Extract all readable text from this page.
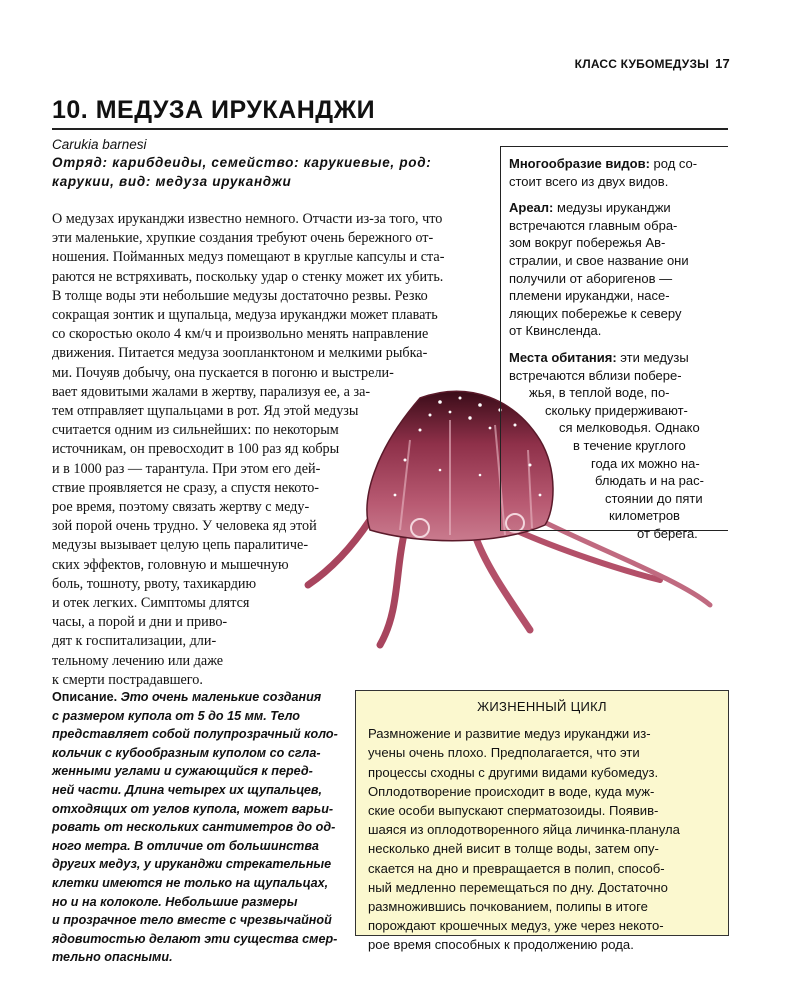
КЛАСС КУБОМЕДУЗЫ 17
10. МЕДУЗА ИРУКАНДЖИ
Carukia barnesi
Отряд: карибдеиды, семейство: карукиевые, род: карукии, вид: медуза ируканджи
О медузах ируканджи известно немного. Отчасти из-за того, что
эти маленькие, хрупкие создания требуют очень бережного от-
ношения. Пойманных медуз помещают в круглые капсулы и ста-
раются не встряхивать, поскольку удар о стенку может их убить.
В толще воды эти небольшие медузы достаточно резвы. Резко
сокращая зонтик и щупальца, медуза ируканджи может плавать
со скоростью около 4 км/ч и произвольно менять направление
движения. Питается медуза зоопланктоном и мелкими рыбка-
ми. Почуяв добычу, она пускается в погоню и выстрели-
вает ядовитыми жалами в жертву, парализуя ее, а за-
тем отправляет щупальцами в рот. Яд этой медузы
считается одним из сильнейших: по некоторым
источникам, он превосходит в 100 раз яд кобры
и в 1000 раз — тарантула. При этом его дей-
ствие проявляется не сразу, а спустя некото-
рое время, поэтому связать жертву с меду-
зой порой очень трудно. У человека яд этой
медузы вызывает целую цепь паралитиче-
ских эффектов, головную и мышечную
боль, тошноту, рвоту, тахикардию
и отек легких. Симптомы длятся
часы, а порой и дни и приво-
дят к госпитализации, дли-
тельному лечению или даже
к смерти пострадавшего.
Многообразие видов: род со-
стоит всего из двух видов.
Ареал: медузы ируканджи
встречаются главным обра-
зом вокруг побережья Ав-
стралии, и свое название они
получили от аборигенов —
племени ируканджи, насе-
ляющих побережье к северу
от Квинсленда.
Места обитания: эти медузы
встречаются вблизи побере-
жья, в теплой воде, по-
скольку придерживают-
ся мелководья. Однако
в течение круглого
года их можно на-
блюдать и на рас-
стоянии до пяти
километров
от берега.
Описание. Это очень маленькие создания
с размером купола от 5 до 15 мм. Тело
представляет собой полупрозрачный коло-
кольчик с кубообразным куполом со сгла-
женными углами и сужающийся к перед-
ней части. Длина четырех их щупальцев,
отходящих от углов купола, может варьи-
ровать от нескольких сантиметров до од-
ного метра. В отличие от большинства
других медуз, у ируканджи стрекательные
клетки имеются не только на щупальцах,
но и на колоколе. Небольшие размеры
и прозрачное тело вместе с чрезвычайной
ядовитостью делают эти существа смер-
тельно опасными.
ЖИЗНЕННЫЙ ЦИКЛ
Размножение и развитие медуз ируканджи из-
учены очень плохо. Предполагается, что эти
процессы сходны с другими видами кубомедуз.
Оплодотворение происходит в воде, куда муж-
ские особи выпускают сперматозоиды. Появив-
шаяся из оплодотворенного яйца личинка-планула
несколько дней висит в толще воды, затем опу-
скается на дно и превращается в полип, способ-
ный медленно перемещаться по дну. Достаточно
размножившись почкованием, полипы в итоге
порождают крошечных медуз, уже через некото-
рое время способных к продолжению рода.
